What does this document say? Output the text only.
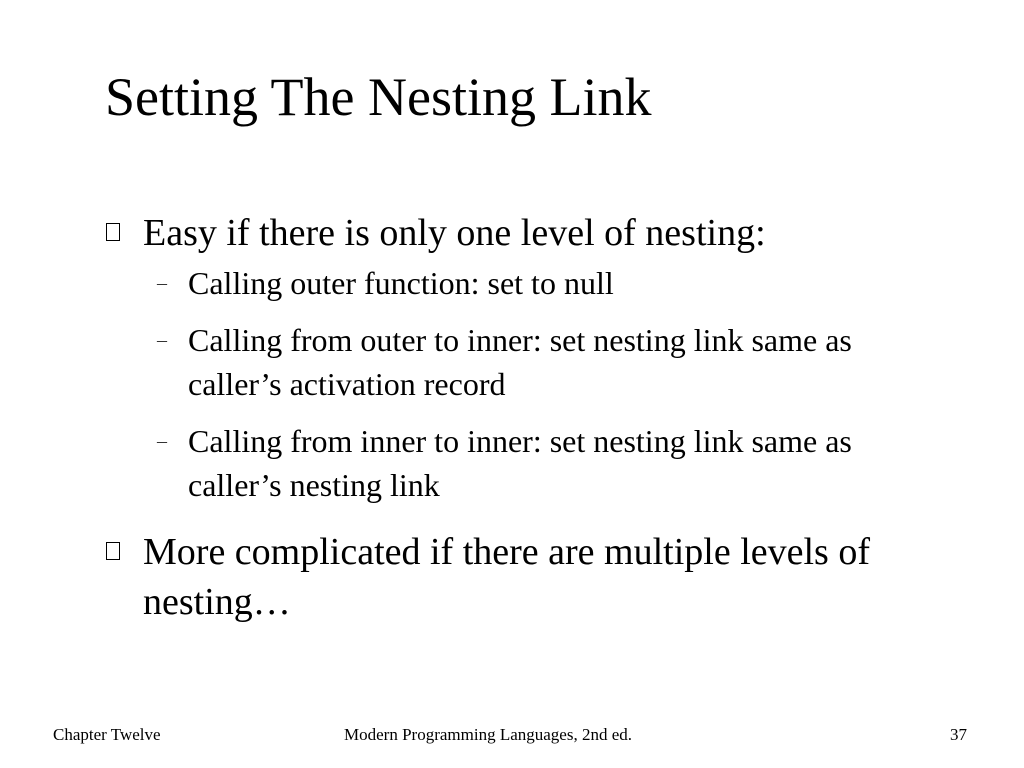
Setting The Nesting Link
Easy if there is only one level of nesting:
– Calling outer function: set to null
– Calling from outer to inner: set nesting link same as caller’s activation record
– Calling from inner to inner: set nesting link same as caller’s nesting link
More complicated if there are multiple levels of nesting…
Chapter Twelve	Modern Programming Languages, 2nd ed.	37
